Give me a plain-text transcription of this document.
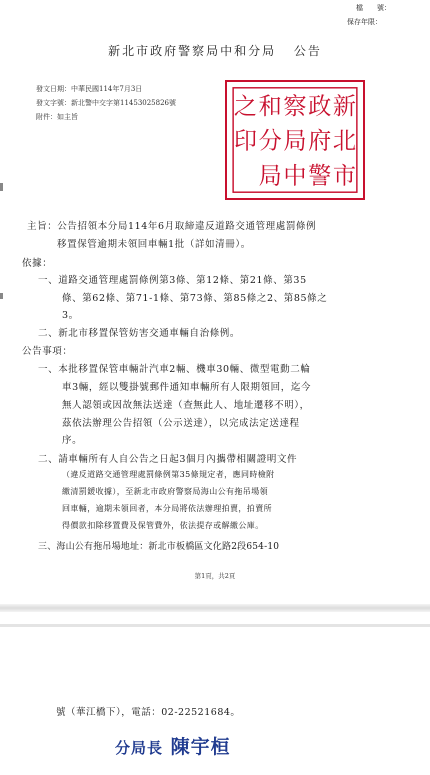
檔　　號：
保存年限：
新北市政府警察局中和分局 公告
發文日期：中華民國114年7月3日
發文字號：新北警中交字第11453025826號
附件：如主旨	新
北
市
政
府
警
察
局
中
和
分
局
之
印
主旨：公告招領本分局114年6月取締違反道路交通管理處罰條例
移置保管逾期未領回車輛1批（詳如清冊）。
依據：
一、道路交通管理處罰條例第3條、第12條、第21條、第35
條、第62條、第71-1條、第73條、第85條之2、第85條之
3。
二、新北市移置保管妨害交通車輛自治條例。
公告事項：
一、本批移置保管車輛計汽車2輛、機車30輛、微型電動二輪
車3輛，經以雙掛號郵件通知車輛所有人限期領回，迄今
無人認領或因故無法送達（查無此人、地址遷移不明），
茲依法辦理公告招領（公示送達），以完成法定送達程
序。
二、請車輛所有人自公告之日起3個月內攜帶相關證明文件
（違反道路交通管理處罰條例第35條規定者，應同時檢附
繳清罰鍰收據），至新北市政府警察局海山公有拖吊場領
回車輛，逾期未領回者，本分局將依法辦理拍賣，拍賣所
得價款扣除移置費及保管費外，依法提存或解繳公庫。
三、海山公有拖吊場地址：新北市板橋區文化路2段654-10
第1頁，共2頁
號（華江橋下），電話：02-22521684。
分局長 陳宇桓
